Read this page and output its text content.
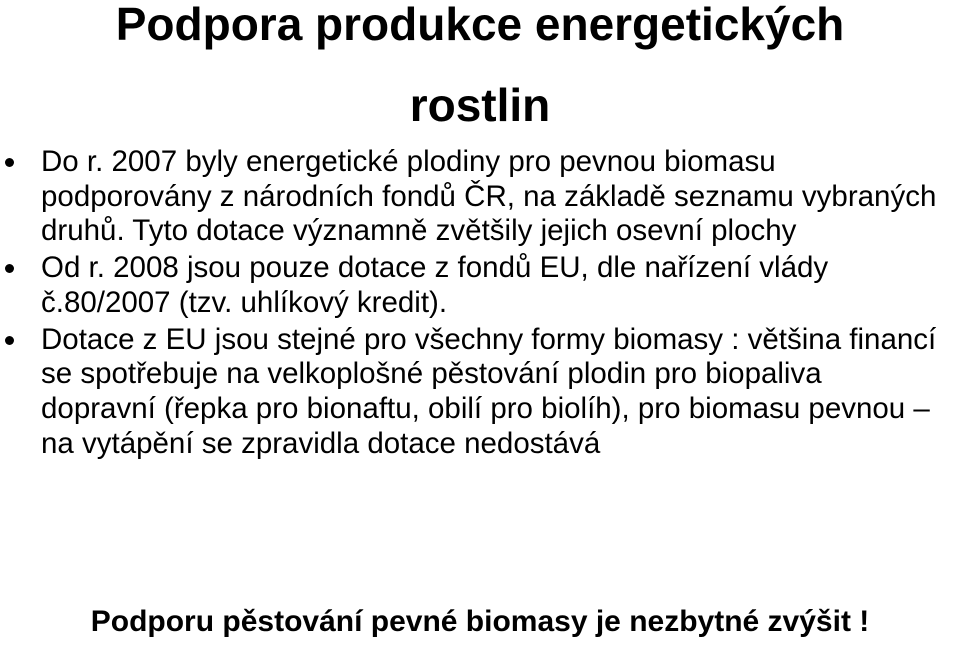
Podpora produkce energetických
rostlin
Do r. 2007 byly energetické plodiny pro pevnou biomasu podporovány z národních fondů ČR, na základě seznamu vybraných druhů. Tyto dotace významně zvětšily jejich osevní plochy
Od r. 2008 jsou pouze dotace z fondů EU, dle nařízení vlády č.80/2007 (tzv. uhlíkový kredit).
Dotace z EU jsou stejné pro všechny formy biomasy : většina financí se spotřebuje na velkoplošné pěstování plodin pro biopaliva dopravní (řepka pro bionaftu, obilí pro biolíh), pro biomasu pevnou – na vytápění se zpravidla dotace nedostává

Podporu pěstování pevné biomasy je nezbytné zvýšit !
